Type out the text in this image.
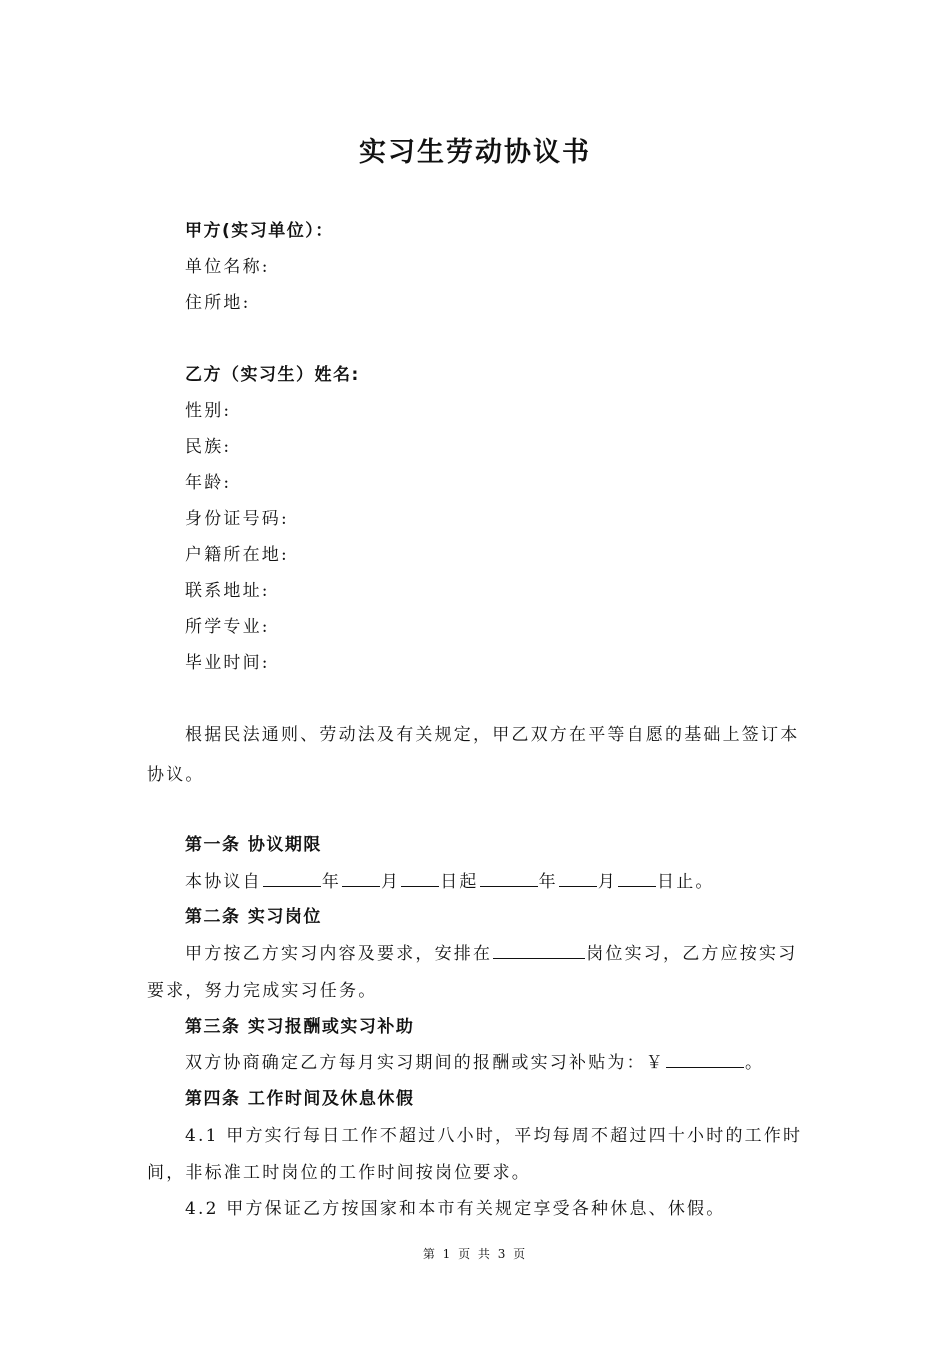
实习生劳动协议书
甲方(实习单位）：
单位名称:
住所地:
乙方（实习生）姓名:
性别:
民族:
年龄:
身份证号码:
户籍所在地:
联系地址:
所学专业:
毕业时间:
根据民法通则、劳动法及有关规定，甲乙双方在平等自愿的基础上签订本
协议。
第一条 协议期限
本协议自	年 月 日起	年 月 日止。
第二条 实习岗位
甲方按乙方实习内容及要求，安排在	岗位实习，乙方应按实习
要求，努力完成实习任务。
第三条 实习报酬或实习补助
双方协商确定乙方每月实习期间的报酬或实习补贴为：￥	。
第四条 工作时间及休息休假
4.1 甲方实行每日工作不超过八小时，平均每周不超过四十小时的工作时
间，非标准工时岗位的工作时间按岗位要求。
4.2 甲方保证乙方按国家和本市有关规定享受各种休息、休假。
第 1 页 共 3 页
